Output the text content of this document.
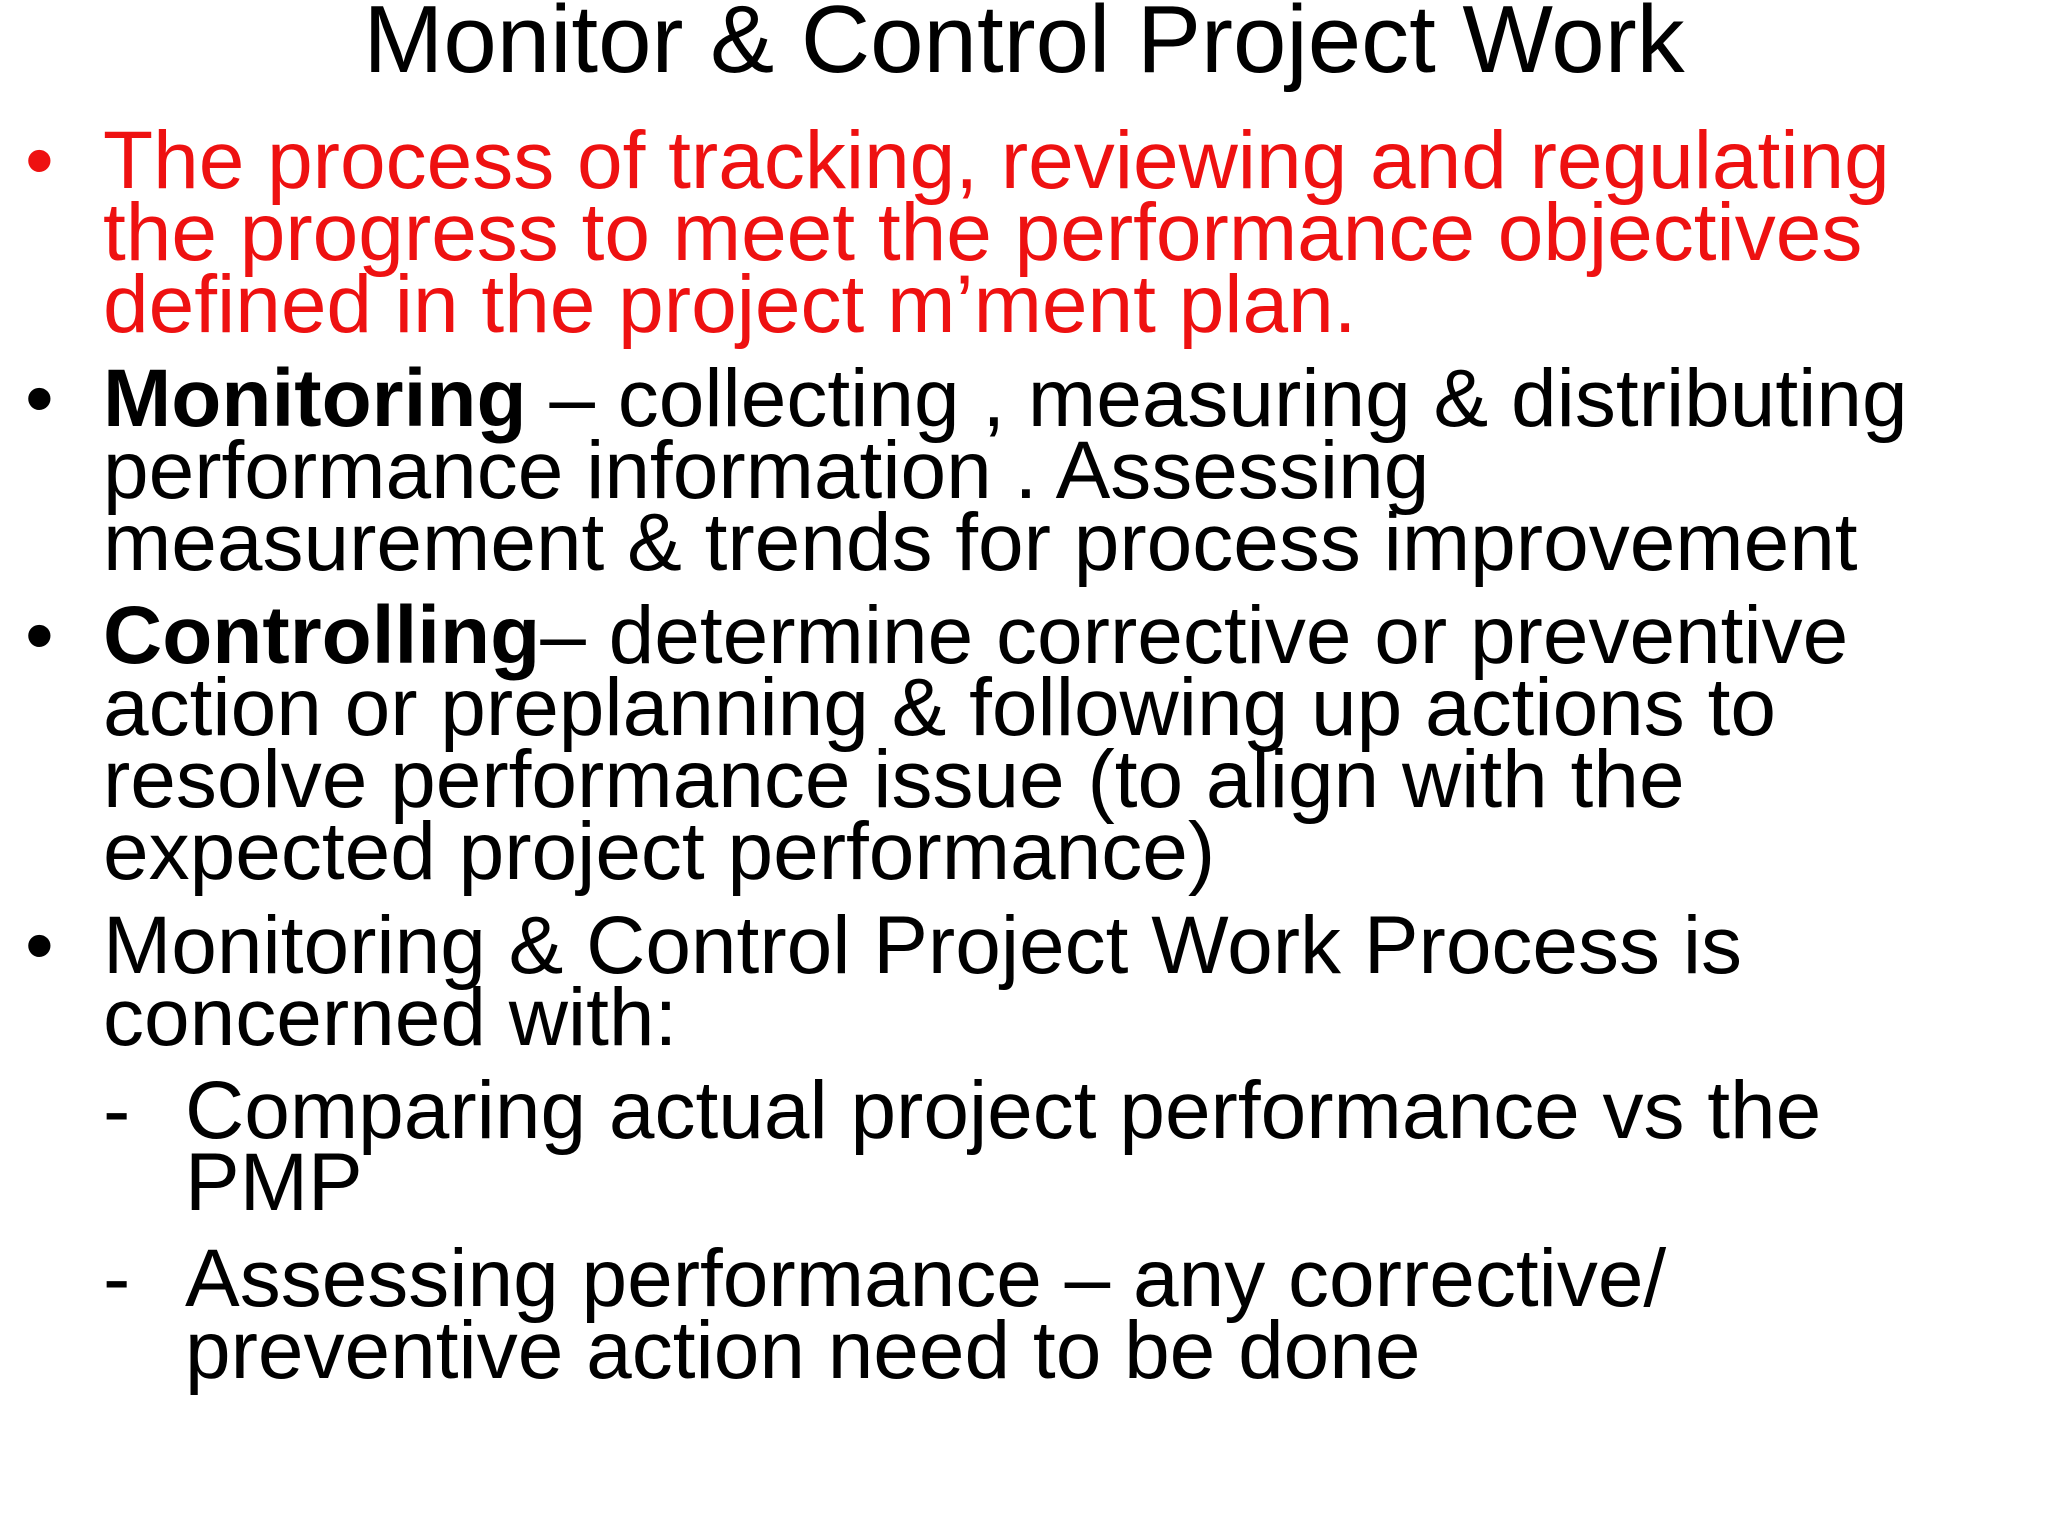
Monitor & Control Project Work
• The process of tracking, reviewing and regulating
the progress to meet the performance objectives
defined in the project m’ment plan.
• Monitoring – collecting , measuring & distributing
performance information . Assessing
measurement & trends for process improvement
• Controlling– determine corrective or preventive
action or preplanning & following up actions to
resolve performance issue (to align with the
expected project performance)
• Monitoring & Control Project Work Process is
concerned with:
- Comparing actual project performance vs the
PMP
- Assessing performance – any corrective/
preventive action need to be done
